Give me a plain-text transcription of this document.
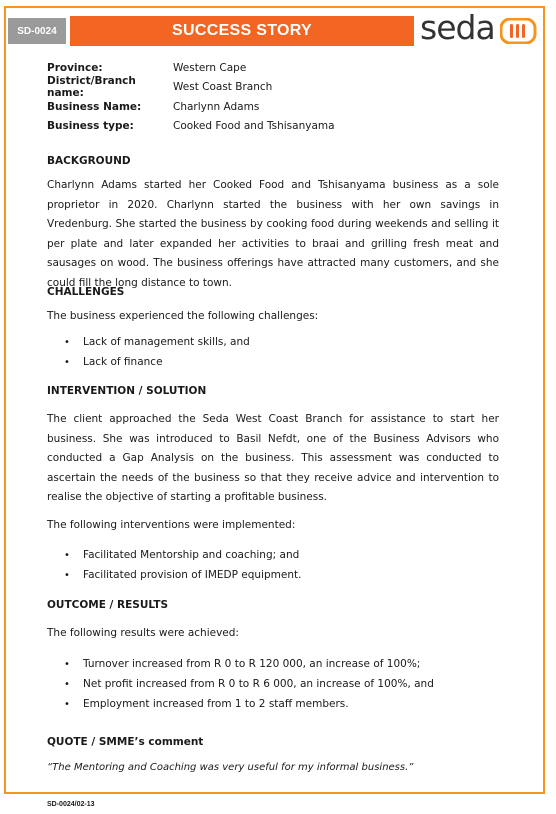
SD-0024	SUCCESS STORY	seda
Province:	Western Cape
District/Branch name:	West Coast Branch
Business Name:	Charlynn Adams
Business type:	Cooked Food and Tshisanyama
BACKGROUND
Charlynn Adams started her Cooked Food and Tshisanyama business as a sole proprietor in 2020. Charlynn started the business with her own savings in Vredenburg. She started the business by cooking food during weekends and selling it per plate and later expanded her activities to braai and grilling fresh meat and sausages on wood. The business offerings have attracted many customers, and she could fill the long distance to town.
CHALLENGES
The business experienced the following challenges:
•	Lack of management skills, and
•	Lack of finance
INTERVENTION / SOLUTION
The client approached the Seda West Coast Branch for assistance to start her business. She was introduced to Basil Nefdt, one of the Business Advisors who conducted a Gap Analysis on the business. This assessment was conducted to ascertain the needs of the business so that they receive advice and intervention to realise the objective of starting a profitable business.
The following interventions were implemented:
•	Facilitated Mentorship and coaching; and
•	Facilitated provision of IMEDP equipment.
OUTCOME / RESULTS
The following results were achieved:
•	Turnover increased from R 0 to R 120 000, an increase of 100%;
•	Net profit increased from R 0 to R 6 000, an increase of 100%, and
•	Employment increased from 1 to 2 staff members.
QUOTE / SMME’s comment
“The Mentoring and Coaching was very useful for my informal business.”
SD-0024/02-13
